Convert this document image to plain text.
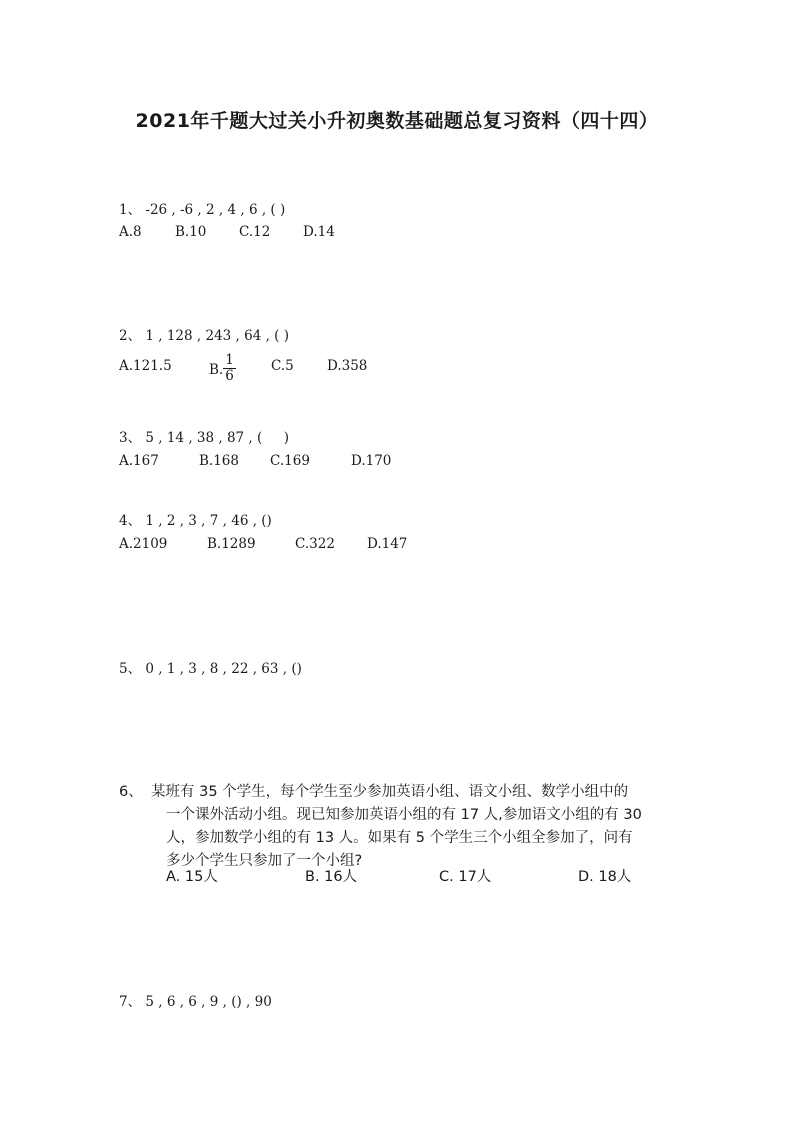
2021年千题大过关小升初奥数基础题总复习资料（四十四）
1、 -26 , -6 , 2 , 4 , 6 , ( )
A.8 B.10 C.12 D.14
2、 1 , 128 , 243 , 64 , ( )
A.121.5	B. $\frac{1}{6}$	C.5 D.358
3、 5 , 14 , 38 , 87 , (     )
A.167	B.168 C.169	D.170
4、 1 , 2 , 3 , 7 , 46 , ()
A.2109	B.1289	C.322 D.147
5、 0 , 1 , 3 , 8 , 22 , 63 , ()
6、 某班有 35 个学生，每个学生至少参加英语小组、语文小组、数学小组中的
一个课外活动小组。现已知参加英语小组的有 17 人,参加语文小组的有 30
人，参加数学小组的有 13 人。如果有 5 个学生三个小组全参加了，问有
多少个学生只参加了一个小组?
A. 15人	B. 16人	C. 17人	D. 18人
7、 5 , 6 , 6 , 9 , () , 90
